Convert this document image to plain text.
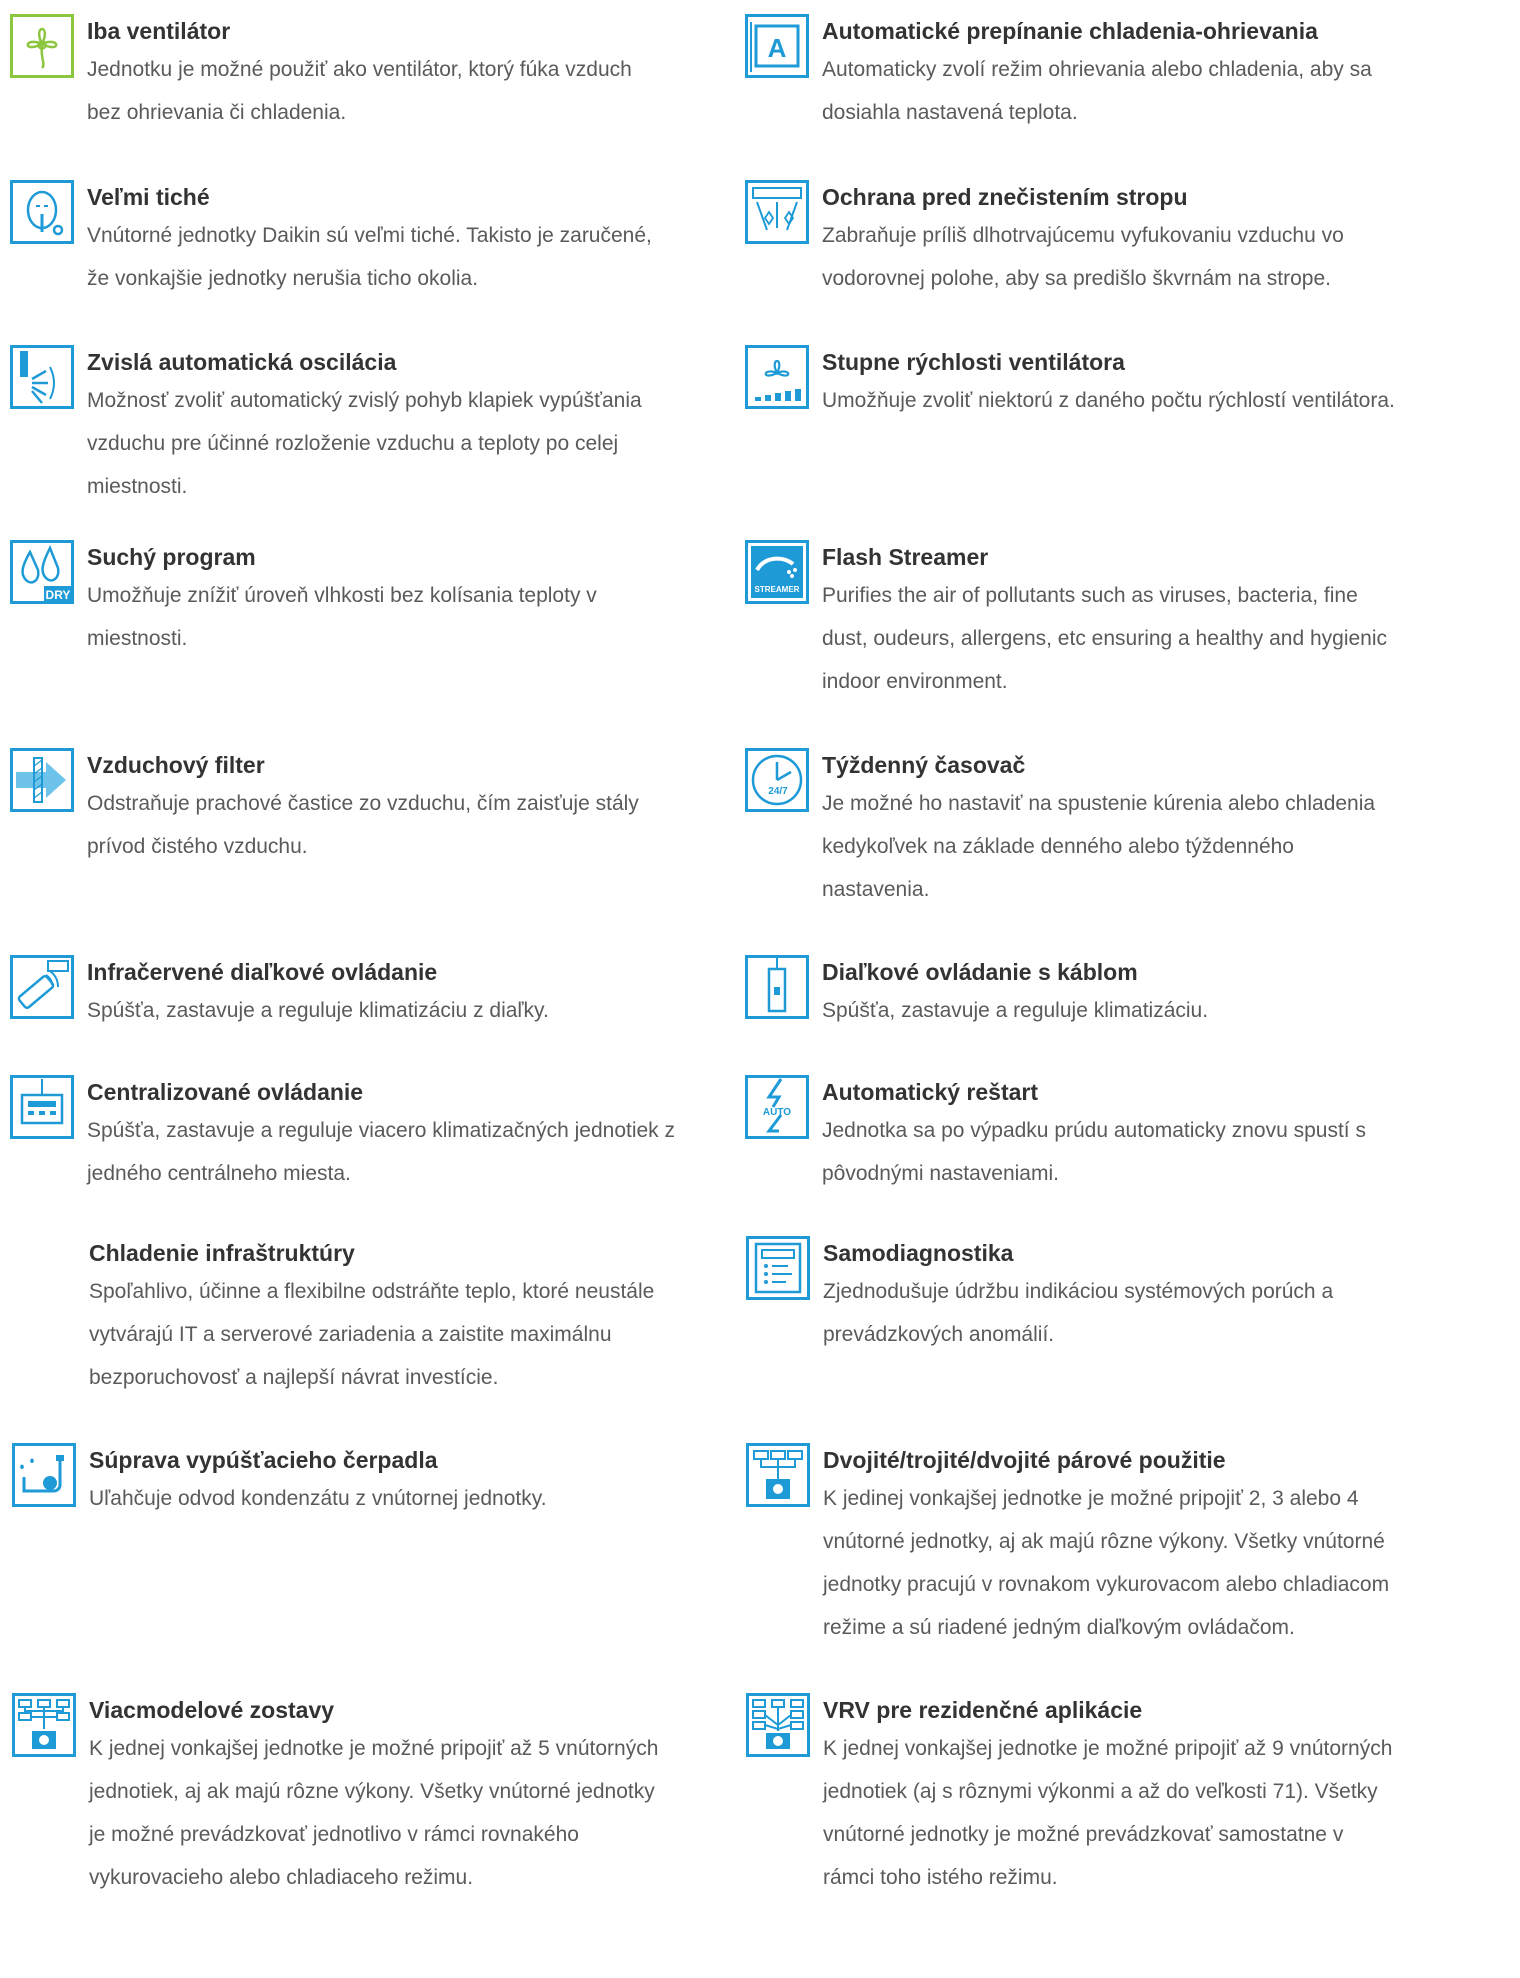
Iba ventilátor
Jednotku je možné použiť ako ventilátor, ktorý fúka vzduch
bez ohrievania či chladenia.
A
Automatické prepínanie chladenia-ohrievania
Automaticky zvolí režim ohrievania alebo chladenia, aby sa
dosiahla nastavená teplota.
Veľmi tiché
Vnútorné jednotky Daikin sú veľmi tiché. Takisto je zaručené,
že vonkajšie jednotky nerušia ticho okolia.
Ochrana pred znečistením stropu
Zabraňuje príliš dlhotrvajúcemu vyfukovaniu vzduchu vo
vodorovnej polohe, aby sa predišlo škvrnám na strope.
Zvislá automatická oscilácia
Možnosť zvoliť automatický zvislý pohyb klapiek vypúšťania
vzduchu pre účinné rozloženie vzduchu a teploty po celej
miestnosti.
Stupne rýchlosti ventilátora
Umožňuje zvoliť niektorú z daného počtu rýchlostí ventilátora.
DRY
Suchý program
Umožňuje znížiť úroveň vlhkosti bez kolísania teploty v
miestnosti.
STREAMER
Flash Streamer
Purifies the air of pollutants such as viruses, bacteria, fine
dust, oudeurs, allergens, etc ensuring a healthy and hygienic
indoor environment.
Vzduchový filter
Odstraňuje prachové častice zo vzduchu, čím zaisťuje stály
prívod čistého vzduchu.
24/7
Týždenný časovač
Je možné ho nastaviť na spustenie kúrenia alebo chladenia
kedykoľvek na základe denného alebo týždenného
nastavenia.
Infračervené diaľkové ovládanie
Spúšťa, zastavuje a reguluje klimatizáciu z diaľky.
Diaľkové ovládanie s káblom
Spúšťa, zastavuje a reguluje klimatizáciu.
Centralizované ovládanie
Spúšťa, zastavuje a reguluje viacero klimatizačných jednotiek z
jedného centrálneho miesta.
AUTO
Automatický reštart
Jednotka sa po výpadku prúdu automaticky znovu spustí s
pôvodnými nastaveniami.
Chladenie infraštruktúry
Spoľahlivo, účinne a flexibilne odstráňte teplo, ktoré neustále
vytvárajú IT a serverové zariadenia a zaistite maximálnu
bezporuchovosť a najlepší návrat investície.
Samodiagnostika
Zjednodušuje údržbu indikáciou systémových porúch a
prevádzkových anomálií.
Súprava vypúšťacieho čerpadla
Uľahčuje odvod kondenzátu z vnútornej jednotky.
Dvojité/trojité/dvojité párové použitie
K jedinej vonkajšej jednotke je možné pripojiť 2, 3 alebo 4
vnútorné jednotky, aj ak majú rôzne výkony. Všetky vnútorné
jednotky pracujú v rovnakom vykurovacom alebo chladiacom
režime a sú riadené jedným diaľkovým ovládačom.
Viacmodelové zostavy
K jednej vonkajšej jednotke je možné pripojiť až 5 vnútorných
jednotiek, aj ak majú rôzne výkony. Všetky vnútorné jednotky
je možné prevádzkovať jednotlivo v rámci rovnakého
vykurovacieho alebo chladiaceho režimu.
VRV pre rezidenčné aplikácie
K jednej vonkajšej jednotke je možné pripojiť až 9 vnútorných
jednotiek (aj s rôznymi výkonmi a až do veľkosti 71). Všetky
vnútorné jednotky je možné prevádzkovať samostatne v
rámci toho istého režimu.
